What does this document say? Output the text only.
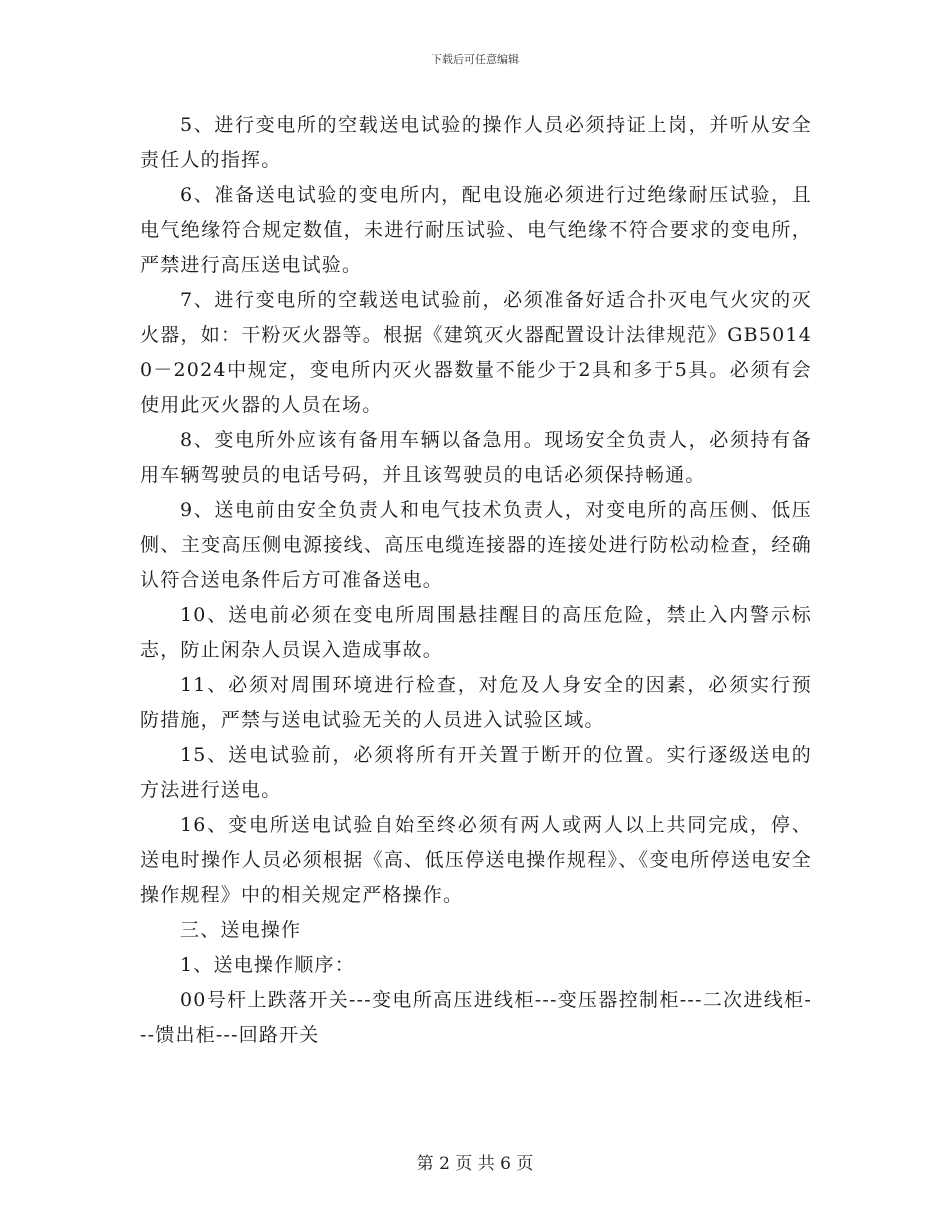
下载后可任意编辑

5、进行变电所的空载送电试验的操作人员必须持证上岗，并听从安全责任人的指挥。

6、准备送电试验的变电所内，配电设施必须进行过绝缘耐压试验，且电气绝缘符合规定数值，未进行耐压试验、电气绝缘不符合要求的变电所，严禁进行高压送电试验。

7、进行变电所的空载送电试验前，必须准备好适合扑灭电气火灾的灭火器，如：干粉灭火器等。根据《建筑灭火器配置设计法律规范》GB50140－2024中规定，变电所内灭火器数量不能少于2具和多于5具。必须有会使用此灭火器的人员在场。

8、变电所外应该有备用车辆以备急用。现场安全负责人，必须持有备用车辆驾驶员的电话号码，并且该驾驶员的电话必须保持畅通。

9、送电前由安全负责人和电气技术负责人，对变电所的高压侧、低压侧、主变高压侧电源接线、高压电缆连接器的连接处进行防松动检查，经确认符合送电条件后方可准备送电。

10、送电前必须在变电所周围悬挂醒目的高压危险，禁止入内警示标志，防止闲杂人员误入造成事故。

11、必须对周围环境进行检查，对危及人身安全的因素，必须实行预防措施，严禁与送电试验无关的人员进入试验区域。

15、送电试验前，必须将所有开关置于断开的位置。实行逐级送电的方法进行送电。

16、变电所送电试验自始至终必须有两人或两人以上共同完成，停、送电时操作人员必须根据《高、低压停送电操作规程》、《变电所停送电安全操作规程》中的相关规定严格操作。

三、送电操作

1、送电操作顺序：

00号杆上跌落开关---变电所高压进线柜---变压器控制柜---二次进线柜---馈出柜---回路开关

第 2 页 共 6 页
